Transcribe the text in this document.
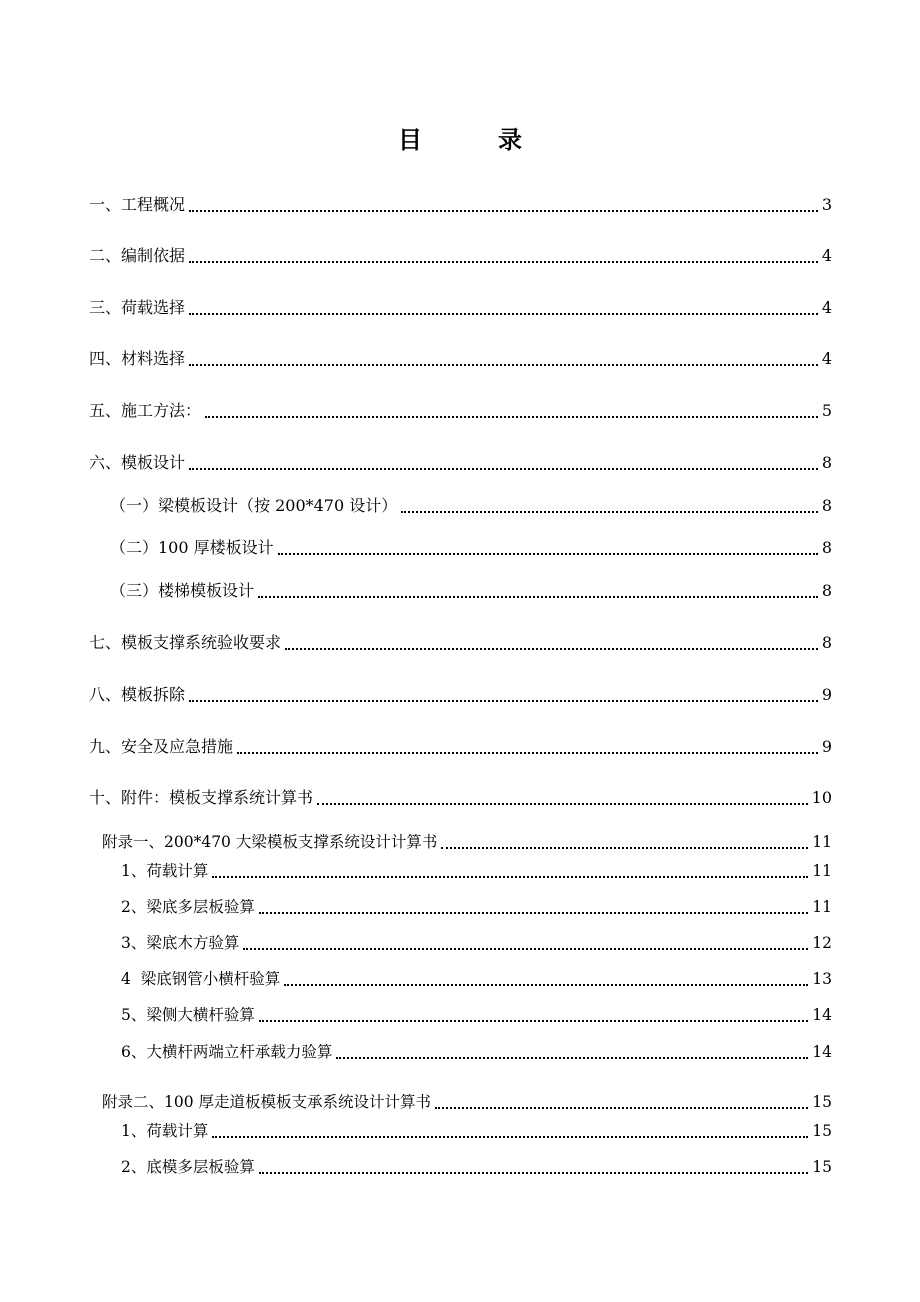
目　录
一、工程概况	3
二、编制依据	4
三、荷载选择	4
四、材料选择	4
五、施工方法：	5
六、模板设计	8
（一）梁模板设计（按 200*470 设计）	8
（二）100 厚楼板设计	8
（三）楼梯模板设计	8
七、模板支撑系统验收要求	8
八、模板拆除	9
九、安全及应急措施	9
十、附件：模板支撑系统计算书	10
附录一、200*470 大梁模板支撑系统设计计算书	11
1、荷载计算	11
2、梁底多层板验算	11
3、梁底木方验算	12
4  梁底钢管小横杆验算	13
5、梁侧大横杆验算	14
6、大横杆两端立杆承载力验算	14
附录二、100 厚走道板模板支承系统设计计算书	15
1、荷载计算	15
2、底模多层板验算	15
